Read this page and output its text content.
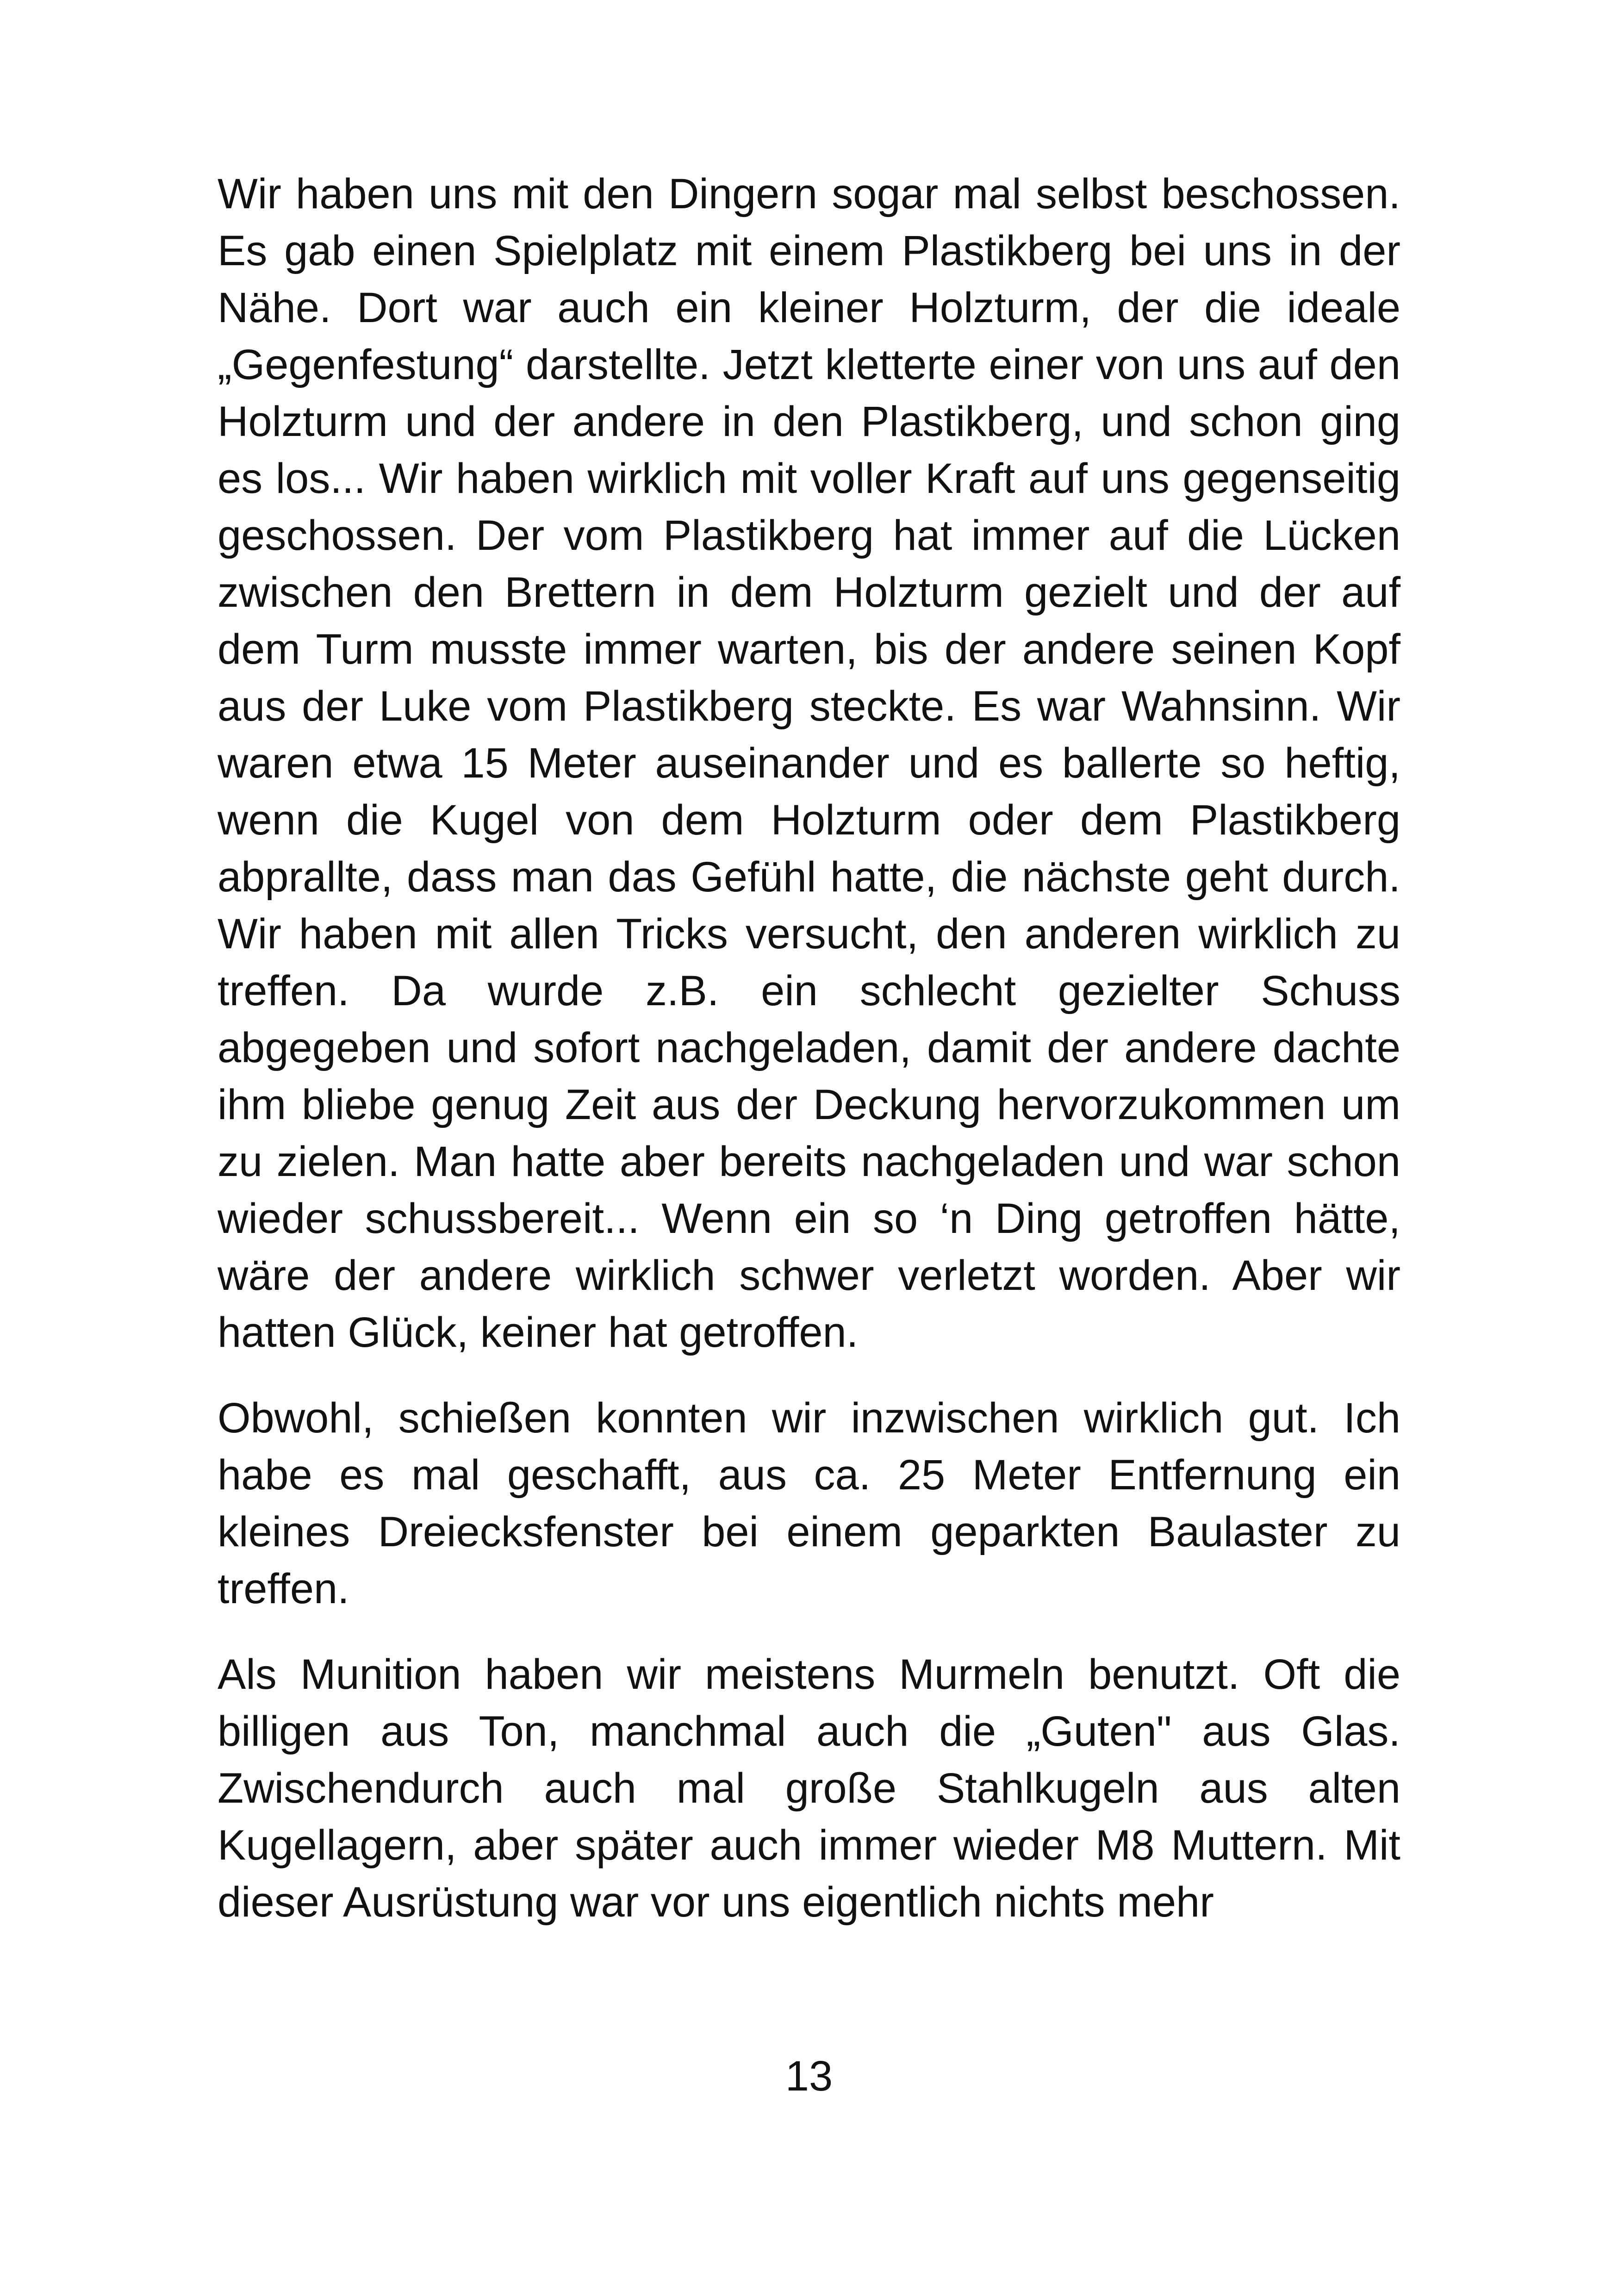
Wir haben uns mit den Dingern sogar mal selbst beschossen. Es gab einen Spielplatz mit einem Plastikberg bei uns in der Nähe. Dort war auch ein kleiner Holzturm, der die ideale „Gegenfestung“ darstellte. Jetzt kletterte einer von uns auf den Holzturm und der andere in den Plastikberg, und schon ging es los... Wir haben wirklich mit voller Kraft auf uns gegenseitig geschossen. Der vom Plastikberg hat immer auf die Lücken zwischen den Brettern in dem Holzturm gezielt und der auf dem Turm musste immer warten, bis der andere seinen Kopf aus der Luke vom Plastikberg steckte. Es war Wahnsinn. Wir waren etwa 15 Meter auseinander und es ballerte so heftig, wenn die Kugel von dem Holzturm oder dem Plastikberg abprallte, dass man das Gefühl hatte, die nächste geht durch. Wir haben mit allen Tricks versucht, den anderen wirklich zu treffen. Da wurde z.B. ein schlecht gezielter Schuss abgegeben und sofort nachgeladen, damit der andere dachte ihm bliebe genug Zeit aus der Deckung hervorzukommen um zu zielen. Man hatte aber bereits nachgeladen und war schon wieder schussbereit... Wenn ein so ‘n Ding getroffen hätte, wäre der andere wirklich schwer verletzt worden. Aber wir hatten Glück, keiner hat getroffen.

Obwohl, schießen konnten wir inzwischen wirklich gut. Ich habe es mal geschafft, aus ca. 25 Meter Entfernung ein kleines Dreiecksfenster bei einem geparkten Baulaster zu treffen.

Als Munition haben wir meistens Murmeln benutzt. Oft die billigen aus Ton, manchmal auch die „Guten" aus Glas. Zwischendurch auch mal große Stahlkugeln aus alten Kugellagern, aber später auch immer wieder M8 Muttern. Mit dieser Ausrüstung war vor uns eigentlich nichts mehr

13
